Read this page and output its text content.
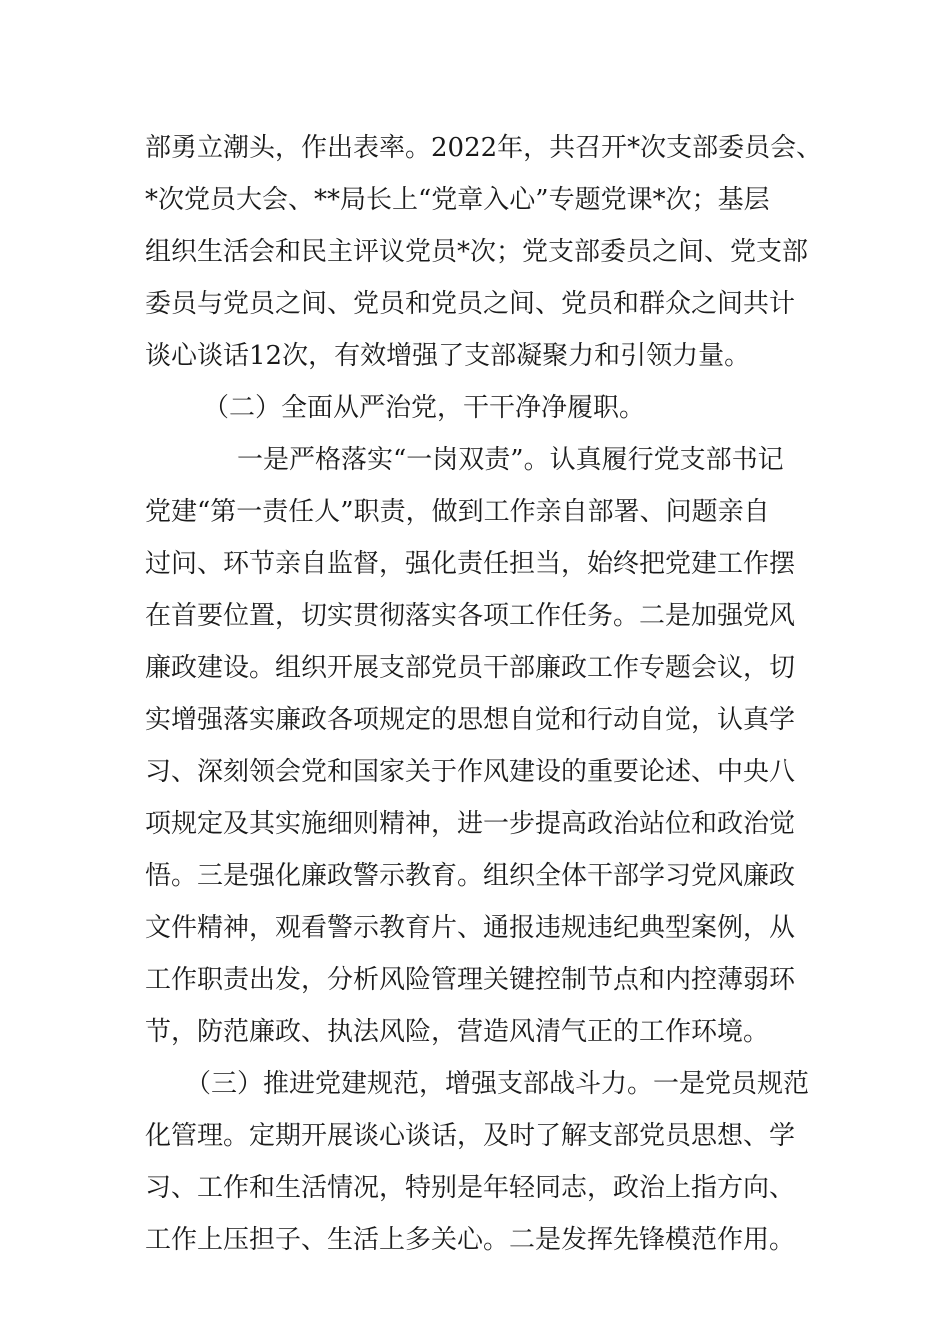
部勇立潮头，作出表率。2022年，共召开*次支部委员会、
*次党员大会、**局长上“党章入心”专题党课*次；基层
组织生活会和民主评议党员*次；党支部委员之间、党支部
委员与党员之间、党员和党员之间、党员和群众之间共计
谈心谈话12次，有效增强了支部凝聚力和引领力量。
（二）全面从严治党，干干净净履职。
一是严格落实“一岗双责”。认真履行党支部书记
党建“第一责任人”职责，做到工作亲自部署、问题亲自
过问、环节亲自监督，强化责任担当，始终把党建工作摆
在首要位置，切实贯彻落实各项工作任务。二是加强党风
廉政建设。组织开展支部党员干部廉政工作专题会议，切
实增强落实廉政各项规定的思想自觉和行动自觉，认真学
习、深刻领会党和国家关于作风建设的重要论述、中央八
项规定及其实施细则精神，进一步提高政治站位和政治觉
悟。三是强化廉政警示教育。组织全体干部学习党风廉政
文件精神，观看警示教育片、通报违规违纪典型案例，从
工作职责出发，分析风险管理关键控制节点和内控薄弱环
节，防范廉政、执法风险，营造风清气正的工作环境。
（三）推进党建规范，增强支部战斗力。一是党员规范
化管理。定期开展谈心谈话，及时了解支部党员思想、学
习、工作和生活情况，特别是年轻同志，政治上指方向、
工作上压担子、生活上多关心。二是发挥先锋模范作用。
